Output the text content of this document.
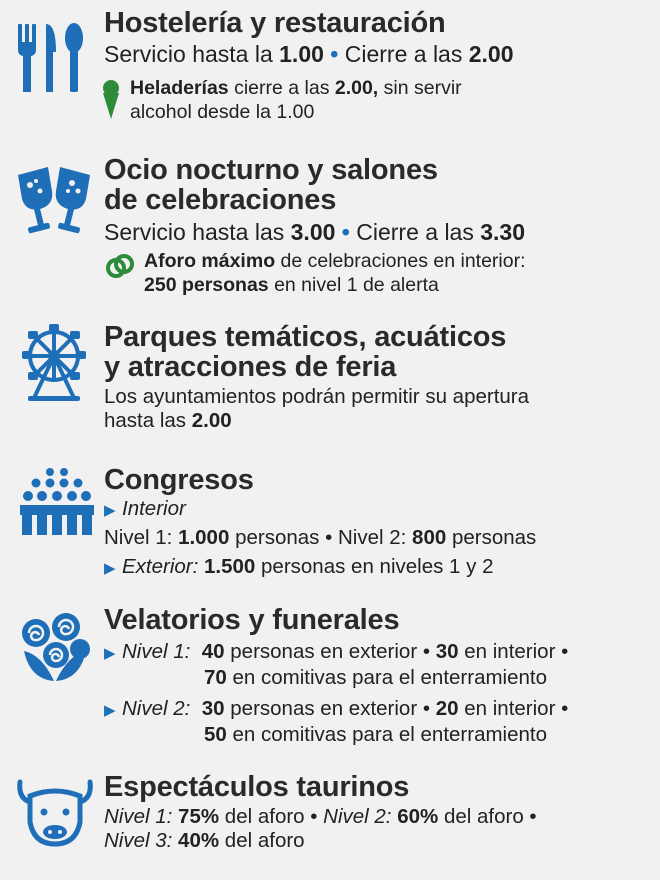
Hostelería y restauración
Servicio hasta la 1.00 • Cierre a las 2.00
Heladerías cierre a las 2.00, sin servir
alcohol desde la 1.00
Ocio nocturno y salones
de celebraciones
Servicio hasta las 3.00 • Cierre a las 3.30
Aforo máximo de celebraciones en interior:
250 personas en nivel 1 de alerta
Parques temáticos, acuáticos
y atracciones de feria
Los ayuntamientos podrán permitir su apertura
hasta las 2.00
Congresos
▶ Interior
Nivel 1: 1.000 personas • Nivel 2: 800 personas
▶ Exterior: 1.500 personas en niveles 1 y 2
Velatorios y funerales
▶ Nivel 1: 40 personas en exterior • 30 en interior •
70 en comitivas para el enterramiento
▶ Nivel 2: 30 personas en exterior • 20 en interior •
50 en comitivas para el enterramiento
Espectáculos taurinos
Nivel 1: 75% del aforo • Nivel 2: 60% del aforo •
Nivel 3: 40% del aforo
